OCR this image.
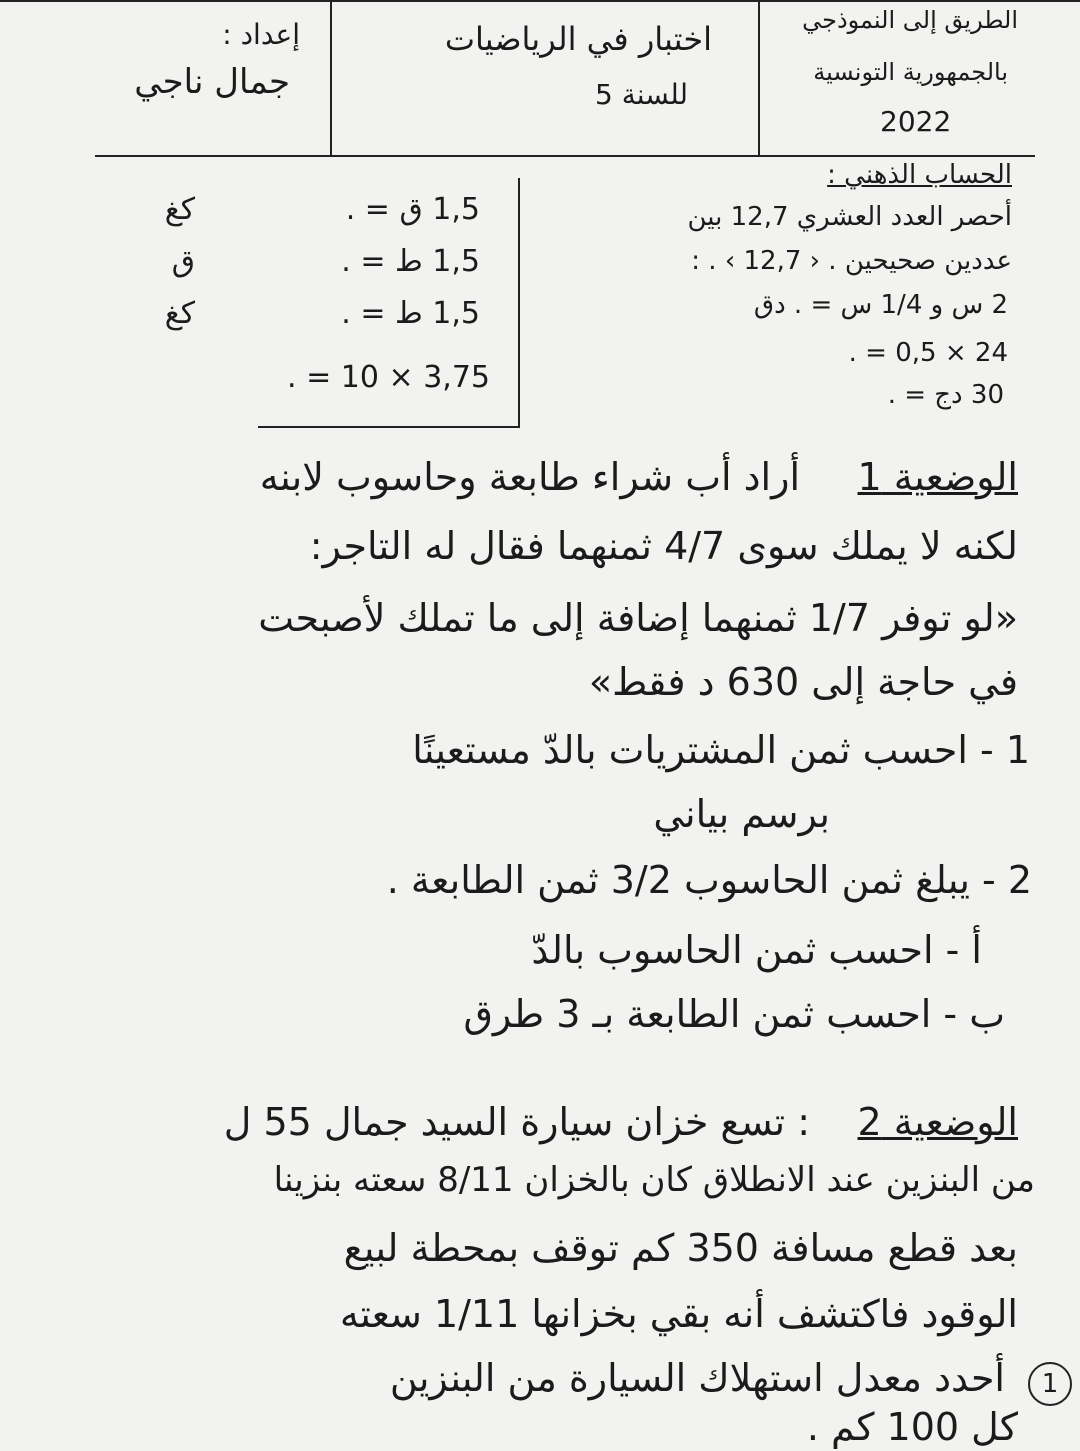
إعداد :
جمال ناجي
اختبار في الرياضيات
للسنة 5
الطريق إلى النموذجي
بالجمهورية التونسية
2022
الحساب الذهني :
أحصر العدد العشري 12,7 بين
عددين صحيحين . ‹ 12,7 › . :
2 س و 1/4 س = . دق
24 × 0,5 = .
30 دج = .
1,5 ق = .
كغ
1,5 ط = .
ق
1,5 ط = .
كغ
3,75 × 10 = .
الوضعية 1
أراد أب شراء طابعة وحاسوب لابنه
لكنه لا يملك سوى 4/7 ثمنهما فقال له التاجر:
«لو توفر 1/7 ثمنهما إضافة إلى ما تملك لأصبحت
في حاجة إلى 630 د فقط»
1 - احسب ثمن المشتريات بالدّ مستعينًا
برسم بياني
2 - يبلغ ثمن الحاسوب 3/2 ثمن الطابعة .
أ - احسب ثمن الحاسوب بالدّ
ب - احسب ثمن الطابعة بـ 3 طرق
الوضعية 2
: تسع خزان سيارة السيد جمال 55 ل
من البنزين عند الانطلاق كان بالخزان 8/11 سعته بنزينا
بعد قطع مسافة 350 كم توقف بمحطة لبيع
الوقود فاكتشف أنه بقي بخزانها 1/11 سعته
1
أحدد معدل استهلاك السيارة من البنزين
كل 100 كم .
